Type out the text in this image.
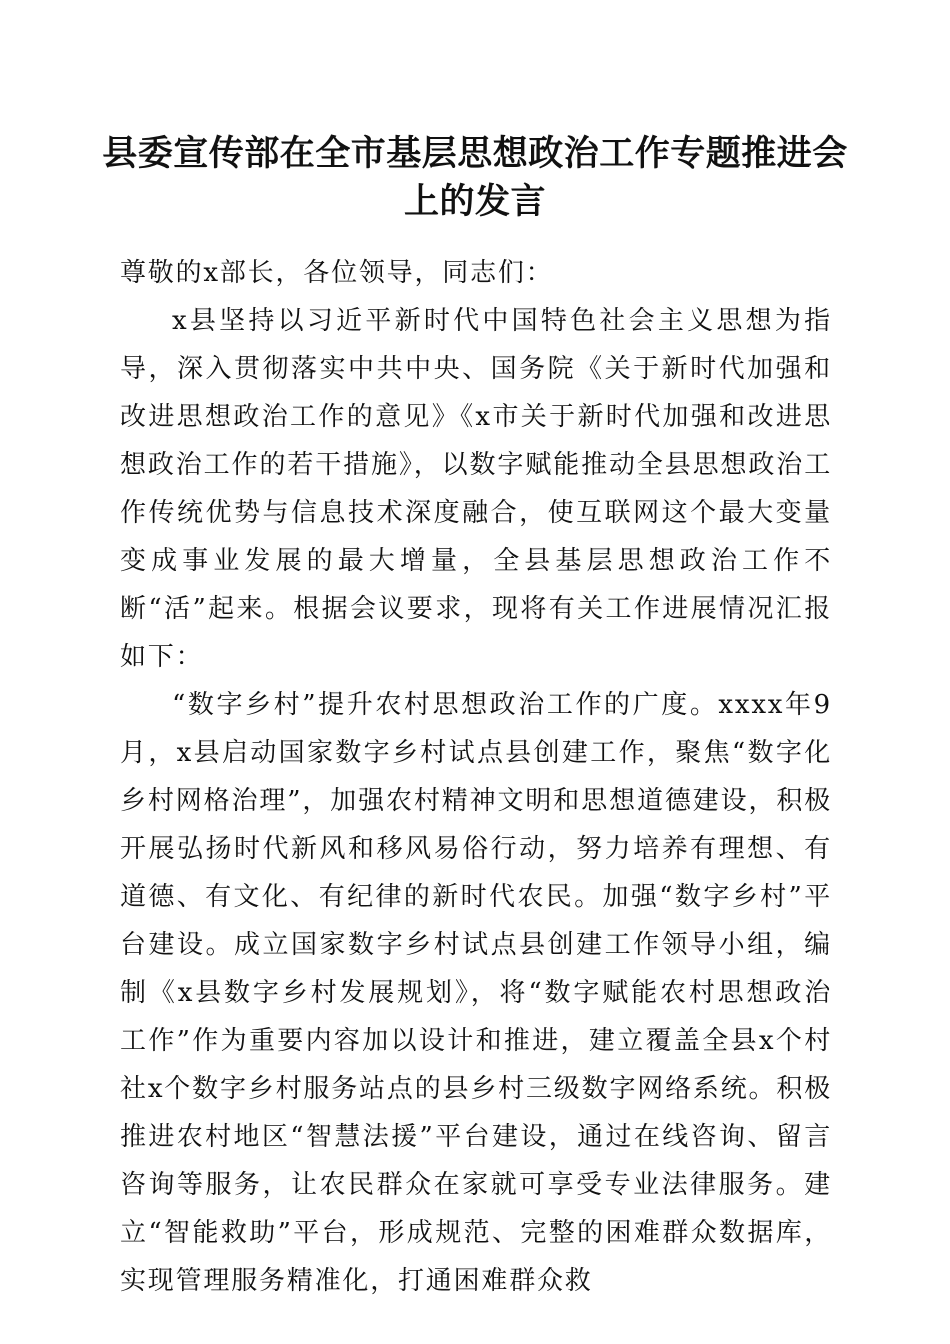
县委宣传部在全市基层思想政治工作专题推进会上的发言

尊敬的x部长，各位领导，同志们：

x县坚持以习近平新时代中国特色社会主义思想为指导，深入贯彻落实中共中央、国务院《关于新时代加强和改进思想政治工作的意见》《x市关于新时代加强和改进思想政治工作的若干措施》，以数字赋能推动全县思想政治工作传统优势与信息技术深度融合，使互联网这个最大变量变成事业发展的最大增量，全县基层思想政治工作不断“活”起来。根据会议要求，现将有关工作进展情况汇报如下：

“数字乡村”提升农村思想政治工作的广度。xxxx年9月，x县启动国家数字乡村试点县创建工作，聚焦“数字化乡村网格治理”，加强农村精神文明和思想道德建设，积极开展弘扬时代新风和移风易俗行动，努力培养有理想、有道德、有文化、有纪律的新时代农民。加强“数字乡村”平台建设。成立国家数字乡村试点县创建工作领导小组，编制《x县数字乡村发展规划》，将“数字赋能农村思想政治工作”作为重要内容加以设计和推进，建立覆盖全县x个村社x个数字乡村服务站点的县乡村三级数字网络系统。积极推进农村地区“智慧法援”平台建设，通过在线咨询、留言咨询等服务，让农民群众在家就可享受专业法律服务。建立“智能救助”平台，形成规范、完整的困难群众数据库，实现管理服务精准化，打通困难群众救
